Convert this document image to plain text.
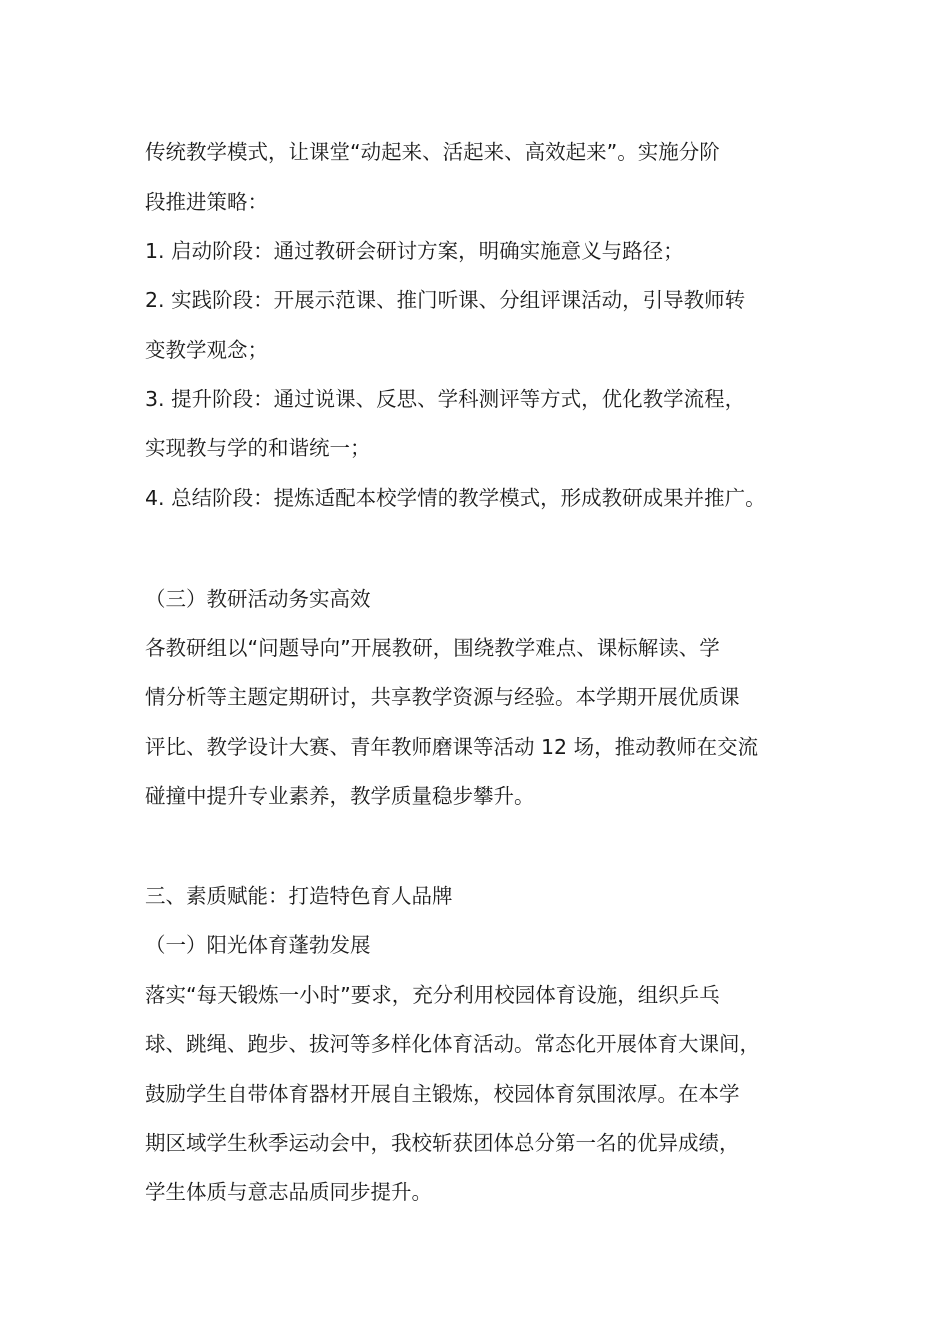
传统教学模式，让课堂“动起来、活起来、高效起来”。实施分阶
段推进策略：
1. 启动阶段：通过教研会研讨方案，明确实施意义与路径；
2. 实践阶段：开展示范课、推门听课、分组评课活动，引导教师转
变教学观念；
3. 提升阶段：通过说课、反思、学科测评等方式，优化教学流程，
实现教与学的和谐统一；
4. 总结阶段：提炼适配本校学情的教学模式，形成教研成果并推广。
（三）教研活动务实高效
各教研组以“问题导向”开展教研，围绕教学难点、课标解读、学
情分析等主题定期研讨，共享教学资源与经验。本学期开展优质课
评比、教学设计大赛、青年教师磨课等活动 12 场，推动教师在交流
碰撞中提升专业素养，教学质量稳步攀升。
三、素质赋能：打造特色育人品牌
（一）阳光体育蓬勃发展
落实“每天锻炼一小时”要求，充分利用校园体育设施，组织乒乓
球、跳绳、跑步、拔河等多样化体育活动。常态化开展体育大课间，
鼓励学生自带体育器材开展自主锻炼，校园体育氛围浓厚。在本学
期区域学生秋季运动会中，我校斩获团体总分第一名的优异成绩，
学生体质与意志品质同步提升。
